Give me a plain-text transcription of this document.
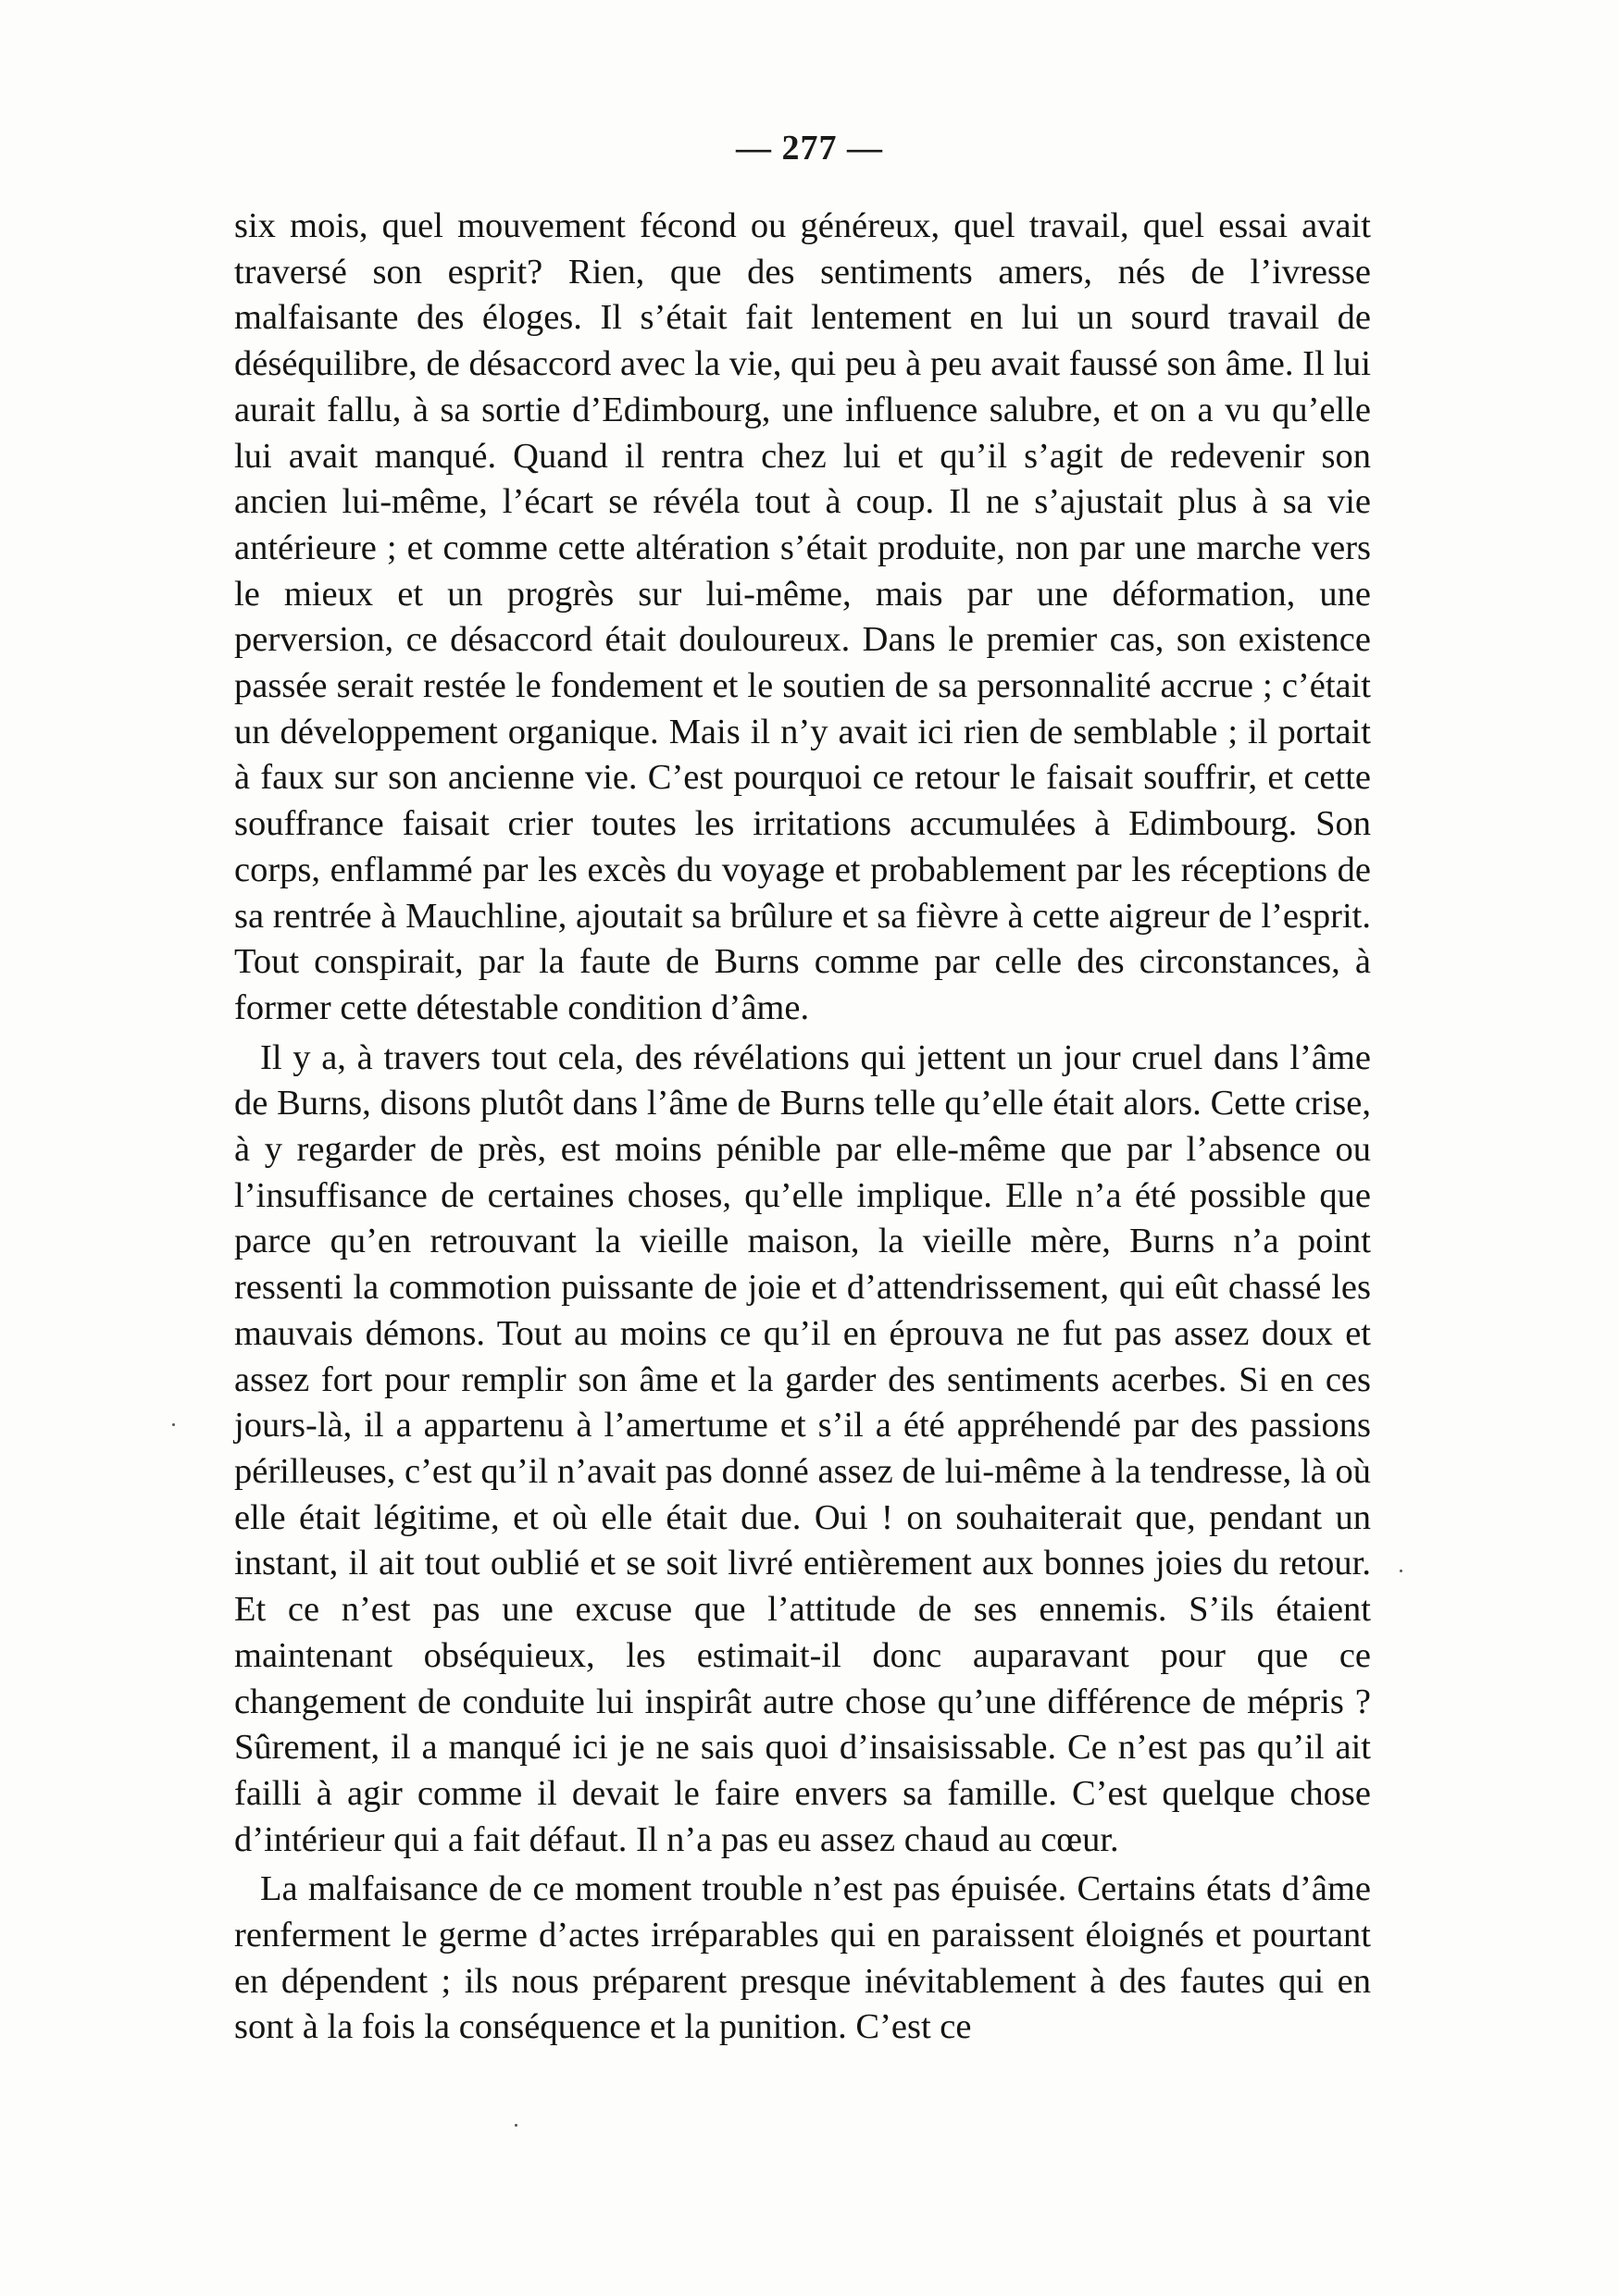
— 277 —

six mois, quel mouvement fécond ou généreux, quel travail, quel essai avait traversé son esprit? Rien, que des sentiments amers, nés de l’ivresse malfaisante des éloges. Il s’était fait lentement en lui un sourd travail de déséquilibre, de désaccord avec la vie, qui peu à peu avait faussé son âme. Il lui aurait fallu, à sa sortie d’Edimbourg, une influence salubre, et on a vu qu’elle lui avait manqué. Quand il rentra chez lui et qu’il s’agit de redevenir son ancien lui-même, l’écart se révéla tout à coup. Il ne s’ajustait plus à sa vie antérieure ; et comme cette altération s’était produite, non par une marche vers le mieux et un progrès sur lui-même, mais par une déformation, une perversion, ce désaccord était douloureux. Dans le premier cas, son existence passée serait restée le fondement et le soutien de sa personnalité accrue ; c’était un développement organique. Mais il n’y avait ici rien de semblable ; il portait à faux sur son ancienne vie. C’est pourquoi ce retour le faisait souffrir, et cette souffrance faisait crier toutes les irritations accumulées à Edimbourg. Son corps, enflammé par les excès du voyage et probablement par les réceptions de sa rentrée à Mauchline, ajoutait sa brûlure et sa fièvre à cette aigreur de l’esprit. Tout conspirait, par la faute de Burns comme par celle des circonstances, à former cette détestable condition d’âme.

Il y a, à travers tout cela, des révélations qui jettent un jour cruel dans l’âme de Burns, disons plutôt dans l’âme de Burns telle qu’elle était alors. Cette crise, à y regarder de près, est moins pénible par elle-même que par l’absence ou l’insuffisance de certaines choses, qu’elle implique. Elle n’a été possible que parce qu’en retrouvant la vieille maison, la vieille mère, Burns n’a point ressenti la commotion puissante de joie et d’attendrissement, qui eût chassé les mauvais démons. Tout au moins ce qu’il en éprouva ne fut pas assez doux et assez fort pour remplir son âme et la garder des sentiments acerbes. Si en ces jours-là, il a appartenu à l’amertume et s’il a été appréhendé par des passions périlleuses, c’est qu’il n’avait pas donné assez de lui-même à la tendresse, là où elle était légitime, et où elle était due. Oui ! on souhaiterait que, pendant un instant, il ait tout oublié et se soit livré entièrement aux bonnes joies du retour. Et ce n’est pas une excuse que l’attitude de ses ennemis. S’ils étaient maintenant obséquieux, les estimait-il donc auparavant pour que ce changement de conduite lui inspirât autre chose qu’une différence de mépris ? Sûrement, il a manqué ici je ne sais quoi d’insaisissable. Ce n’est pas qu’il ait failli à agir comme il devait le faire envers sa famille. C’est quelque chose d’intérieur qui a fait défaut. Il n’a pas eu assez chaud au cœur.

La malfaisance de ce moment trouble n’est pas épuisée. Certains états d’âme renferment le germe d’actes irréparables qui en paraissent éloignés et pourtant en dépendent ; ils nous préparent presque inévitablement à des fautes qui en sont à la fois la conséquence et la punition. C’est ce
